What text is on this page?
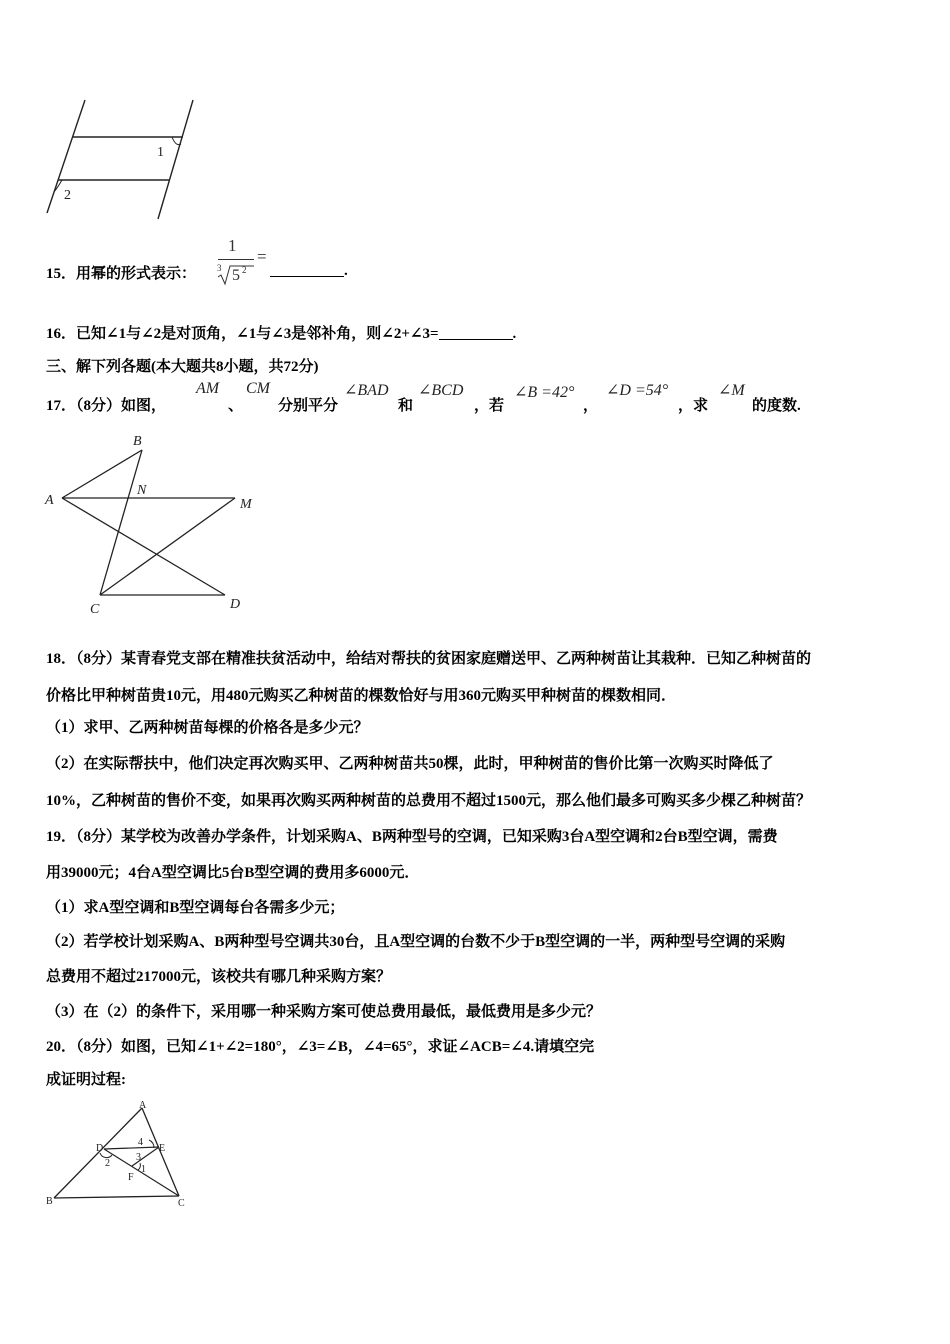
1
2
15．用幂的形式表示：
1
3 5 2
=
.
16．已知∠1与∠2是对顶角，∠1与∠3是邻补角，则∠2+∠3=	.
三、解下列各题(本大题共8小题，共72分)
17．（8分）如图，
AM
、
CM
分别平分
∠BAD
和
∠BCD
，若
∠B =42°
，
∠D =54°
，求
∠M
的度数.
B
A
N
M
C	D
18．（8分）某青春党支部在精准扶贫活动中，给结对帮扶的贫困家庭赠送甲、乙两种树苗让其栽种．已知乙种树苗的
价格比甲种树苗贵10元，用480元购买乙种树苗的棵数恰好与用360元购买甲种树苗的棵数相同．
（1）求甲、乙两种树苗每棵的价格各是多少元？
（2）在实际帮扶中，他们决定再次购买甲、乙两种树苗共50棵，此时，甲种树苗的售价比第一次购买时降低了
10%，乙种树苗的售价不变，如果再次购买两种树苗的总费用不超过1500元，那么他们最多可购买多少棵乙种树苗？
19．（8分）某学校为改善办学条件，计划采购A、B两种型号的空调，已知采购3台A型空调和2台B型空调，需费
用39000元；4台A型空调比5台B型空调的费用多6000元．
（1）求A型空调和B型空调每台各需多少元；
（2）若学校计划采购A、B两种型号空调共30台，且A型空调的台数不少于B型空调的一半，两种型号空调的采购
总费用不超过217000元，该校共有哪几种采购方案？
（3）在（2）的条件下，采用哪一种采购方案可使总费用最低，最低费用是多少元？
20．（8分）如图，已知∠1+∠2=180°，∠3=∠B，∠4=65°，求证∠ACB=∠4.请填空完
成证明过程:
A
D	E
F
B	C
4
3
2
1
